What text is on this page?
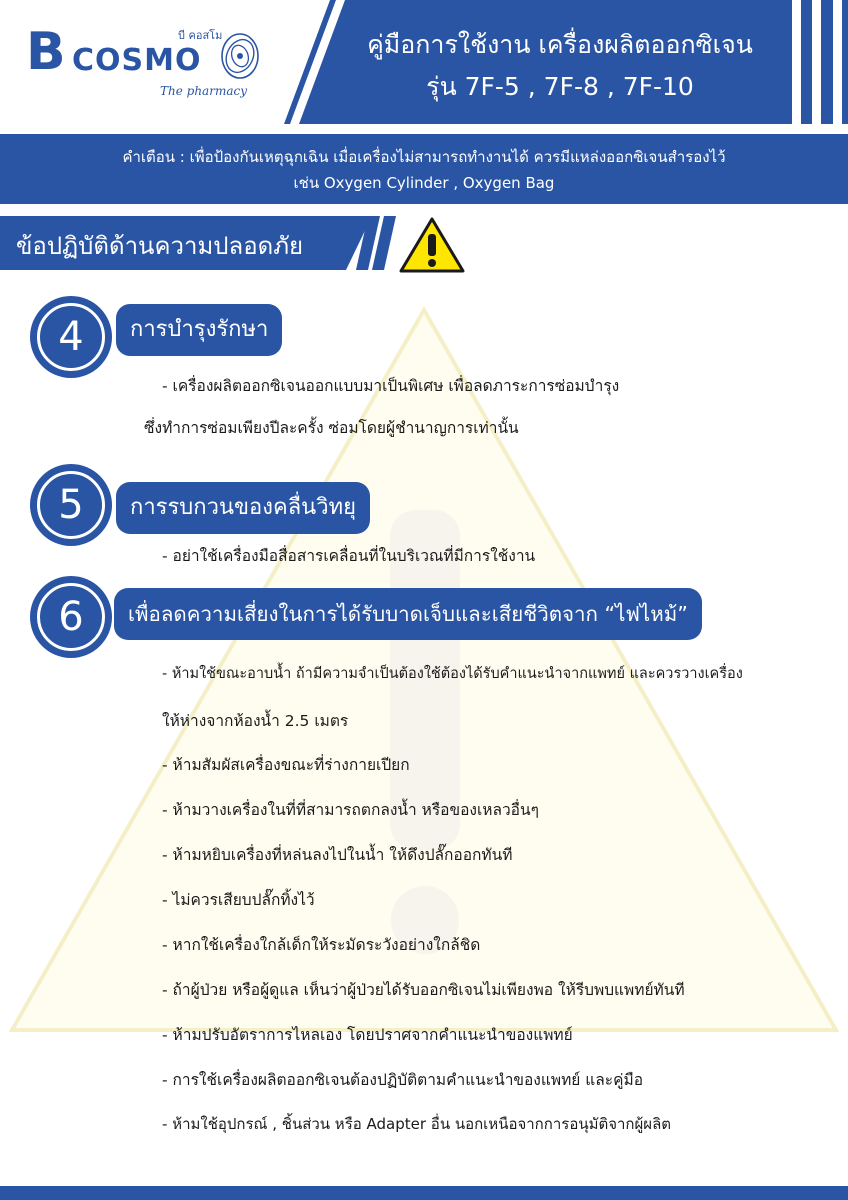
B COSMO
บี คอสโม
The pharmacy
คู่มือการใช้งาน เครื่องผลิตออกซิเจน
รุ่น 7F-5 , 7F-8 , 7F-10
คำเตือน : เพื่อป้องกันเหตุฉุกเฉิน เมื่อเครื่องไม่สามารถทำงานได้ ควรมีแหล่งออกซิเจนสำรองไว้
เช่น Oxygen Cylinder , Oxygen Bag
ข้อปฏิบัติด้านความปลอดภัย
4	การบำรุงรักษา
- เครื่องผลิตออกซิเจนออกแบบมาเป็นพิเศษ เพื่อลดภาระการซ่อมบำรุง
ซึ่งทำการซ่อมเพียงปีละครั้ง ซ่อมโดยผู้ชำนาญการเท่านั้น
5	การรบกวนของคลื่นวิทยุ
- อย่าใช้เครื่องมือสื่อสารเคลื่อนที่ในบริเวณที่มีการใช้งาน
6	เพื่อลดความเสี่ยงในการได้รับบาดเจ็บและเสียชีวิตจาก “ไฟไหม้”
- ห้ามใช้ขณะอาบน้ำ ถ้ามีความจำเป็นต้องใช้ต้องได้รับคำแนะนำจากแพทย์ และควรวางเครื่อง
ให้ห่างจากห้องน้ำ 2.5 เมตร
- ห้ามสัมผัสเครื่องขณะที่ร่างกายเปียก
- ห้ามวางเครื่องในที่ที่สามารถตกลงน้ำ หรือของเหลวอื่นๆ
- ห้ามหยิบเครื่องที่หล่นลงไปในน้ำ ให้ดึงปลั๊กออกทันที
- ไม่ควรเสียบปลั๊กทิ้งไว้
- หากใช้เครื่องใกล้เด็กให้ระมัดระวังอย่างใกล้ชิด
- ถ้าผู้ป่วย หรือผู้ดูแล เห็นว่าผู้ป่วยได้รับออกซิเจนไม่เพียงพอ ให้รีบพบแพทย์ทันที
- ห้ามปรับอัตราการไหลเอง โดยปราศจากคำแนะนำของแพทย์
- การใช้เครื่องผลิตออกซิเจนต้องปฏิบัติตามคำแนะนำของแพทย์ และคู่มือ
- ห้ามใช้อุปกรณ์ , ชิ้นส่วน หรือ Adapter อื่น นอกเหนือจากการอนุมัติจากผู้ผลิต
